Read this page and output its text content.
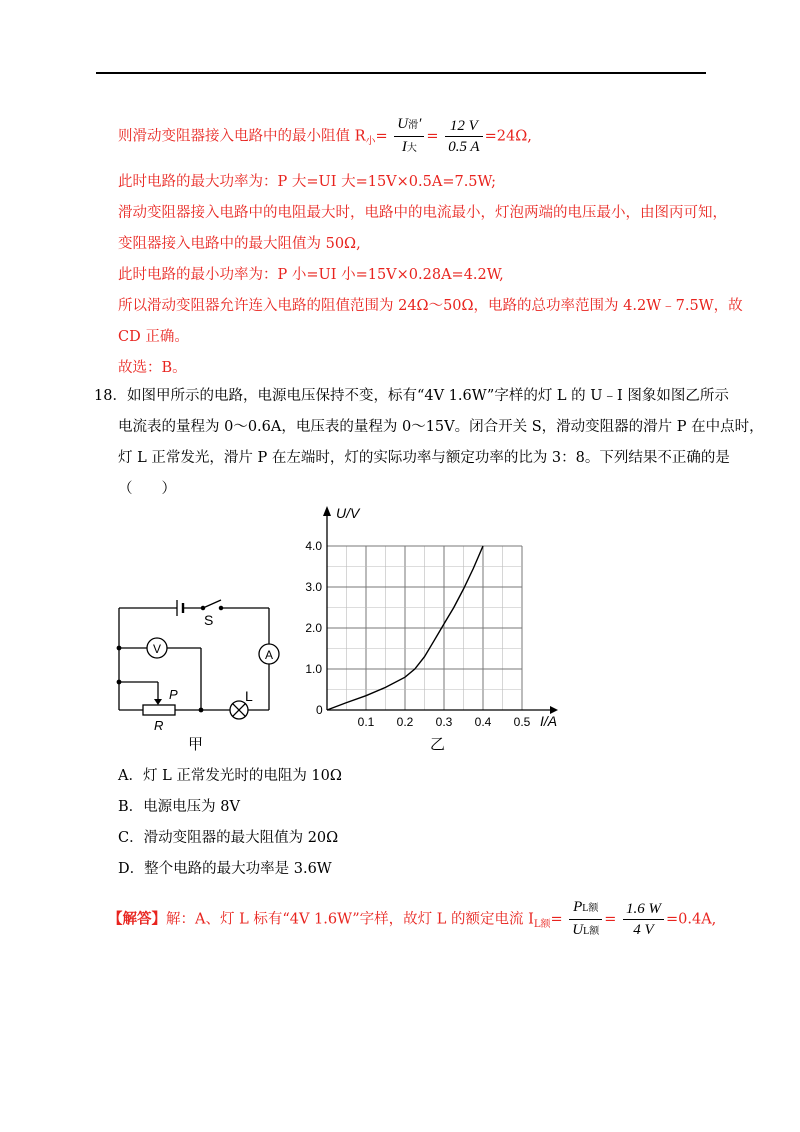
则滑动变阻器接入电路中的最小阻值 $R_小= \frac{\text{U滑′}}{\text{I大}} = \frac{12 V}{0.5 A} =24\Omega$,
此时电路的最大功率为：P 大=UI 大=15V×0.5A=7.5W;
滑动变阻器接入电路中的电阻最大时，电路中的电流最小，灯泡两端的电压最小，由图丙可知，
变阻器接入电路中的最大阻值为 50Ω,
此时电路的最小功率为：P 小=UI 小=15V×0.28A=4.2W,
所以滑动变阻器允许连入电路的阻值范围为 24Ω～50Ω，电路的总功率范围为 4.2W﹣7.5W，故
CD 正确。
故选：B。
18．如图甲所示的电路，电源电压保持不变，标有“4V 1.6W”字样的灯 L 的 U﹣I 图象如图乙所示
电流表的量程为 0～0.6A，电压表的量程为 0～15V。闭合开关 S，滑动变阻器的滑片 P 在中点时，
灯 L 正常发光，滑片 P 在左端时，灯的实际功率与额定功率的比为 3：8。下列结果不正确的是
（　　）
S
V	A
P
R
L
甲
0.1 0.2 0.3 0.4 0.5
1.0
2.0
3.0
4.0
U/V
I/A
0
乙
A．灯 L 正常发光时的电阻为 10Ω
B．电源电压为 8V
C．滑动变阻器的最大阻值为 20Ω
D．整个电路的最大功率是 3.6W
【解答】解：A、灯 L 标有“4V 1.6W”字样，故灯 L 的额定电流 $I_{L额}= \frac{\text{PL额}}{\text{UL额}} = \frac{1.6 W}{4 V} =0.4A$,
